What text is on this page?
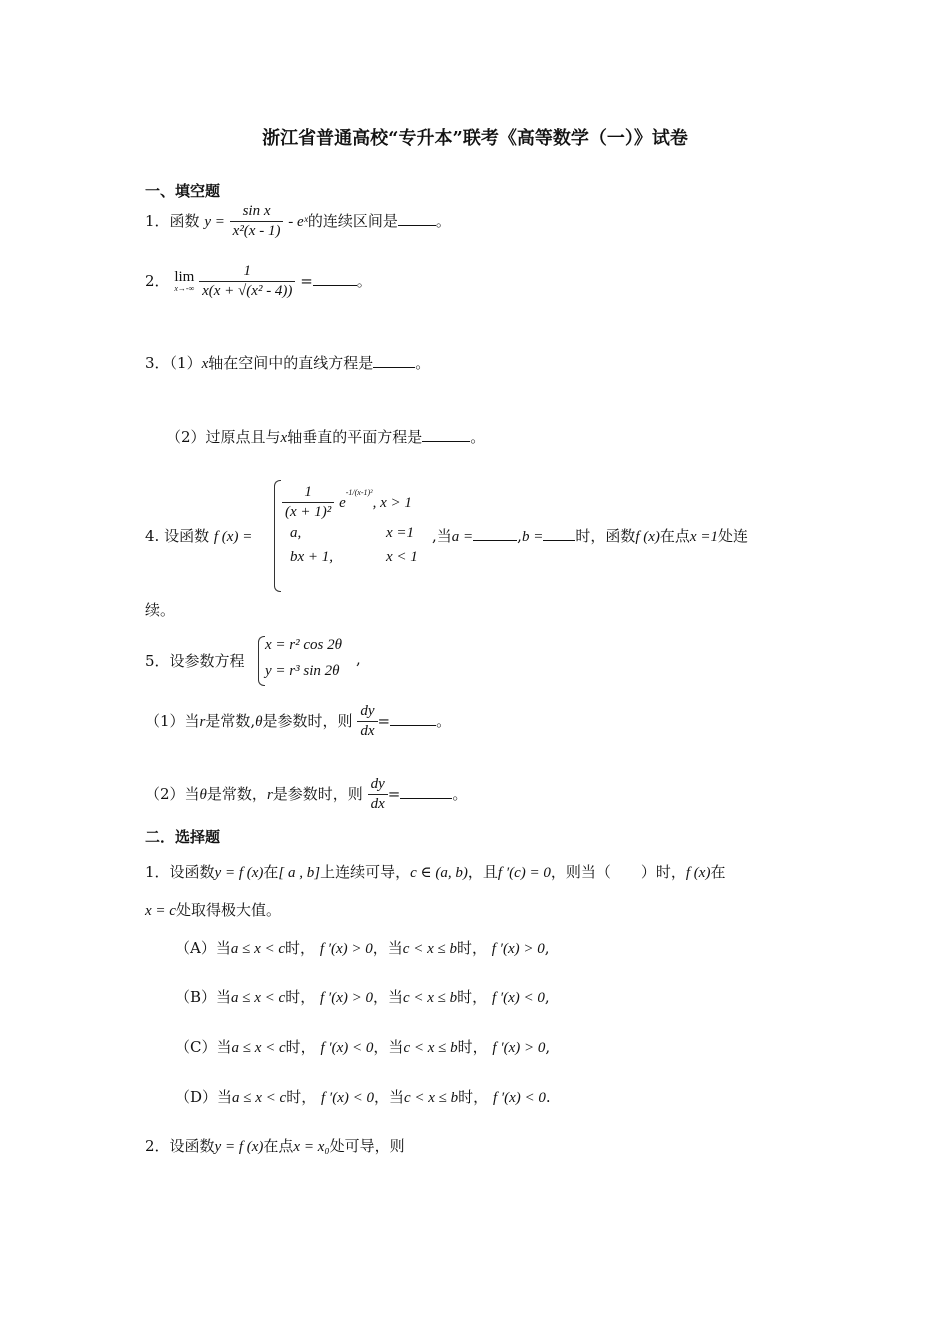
浙江省普通高校“专升本”联考《高等数学（一）》试卷
一、填空题
1．函数 $y = \frac{\text{sin x}}{\text{x²(x - 1)}}$ - eˣ的连续区间是	。
2． lim
x→-∞
$\frac{1}{\text{x(x + √(x² - 4))}}$ =	。
3．（1）x轴在空间中的直线方程是	。
（2）过原点且与x轴垂直的平面方程是	。
4. 设函数 f (x) =
$\frac{1}{\text{(x + 1)²}} e^{-1/(x-1)^2}$, x > 1
a,	x =1
bx + 1,	x < 1
,当a =	,b = 时，函数f (x)在点x =1处连
续。
5．设参数方程
x = r² cos 2θ
y = r³ sin 2θ
,
（1）当r是常数,θ是参数时，则 $\frac{dy}{dx}$ =	。
（2）当θ是常数，r是参数时，则 $\frac{dy}{dx}$ =	。
二．选择题
1．设函数y = f (x)在[ a , b]上连续可导，c ∈ (a, b)，且f ′(c) = 0，则当（　　）时，f (x)在
x = c处取得极大值。
（A）当a ≤ x < c时， f ′(x) > 0，当c < x ≤ b时， f ′(x) > 0,
（B）当a ≤ x < c时， f ′(x) > 0，当c < x ≤ b时， f ′(x) < 0,
（C）当a ≤ x < c时， f ′(x) < 0，当c < x ≤ b时， f ′(x) > 0,
（D）当a ≤ x < c时， f ′(x) < 0，当c < x ≤ b时， f ′(x) < 0.
2．设函数y = f (x)在点x = x₀处可导，则
